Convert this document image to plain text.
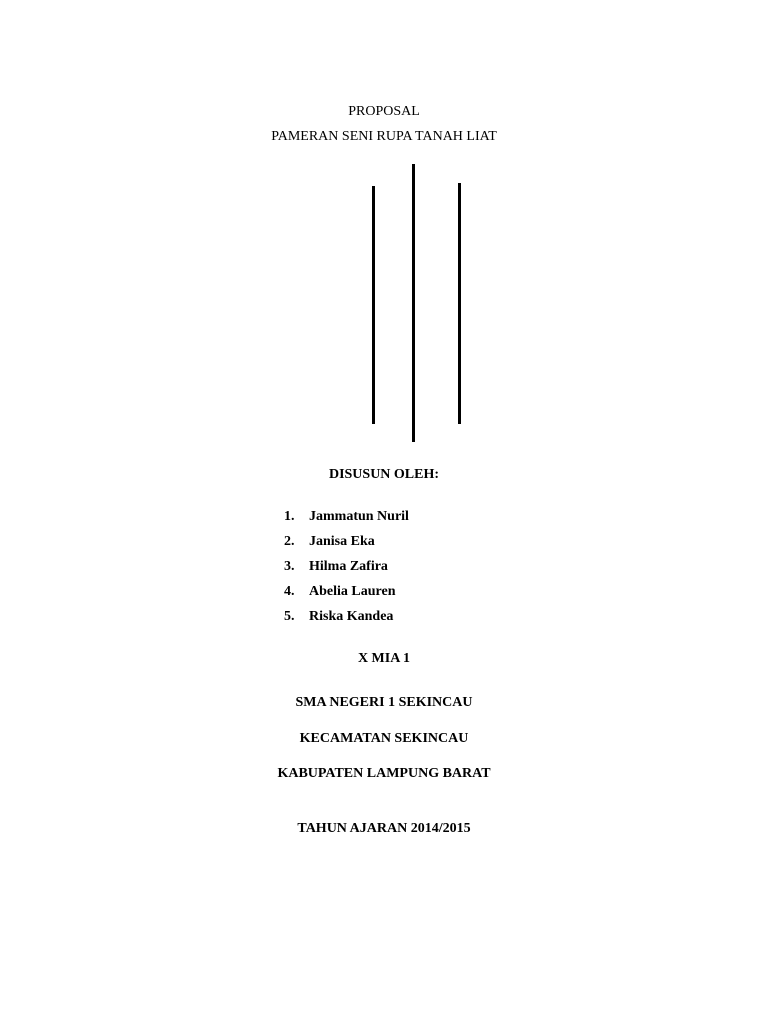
PROPOSAL
PAMERAN SENI RUPA TANAH LIAT
DISUSUN OLEH:
1. Jammatun Nuril
2. Janisa Eka
3. Hilma Zafira
4. Abelia Lauren
5. Riska Kandea
X MIA 1
SMA NEGERI 1 SEKINCAU
KECAMATAN SEKINCAU
KABUPATEN LAMPUNG BARAT
TAHUN AJARAN 2014/2015
